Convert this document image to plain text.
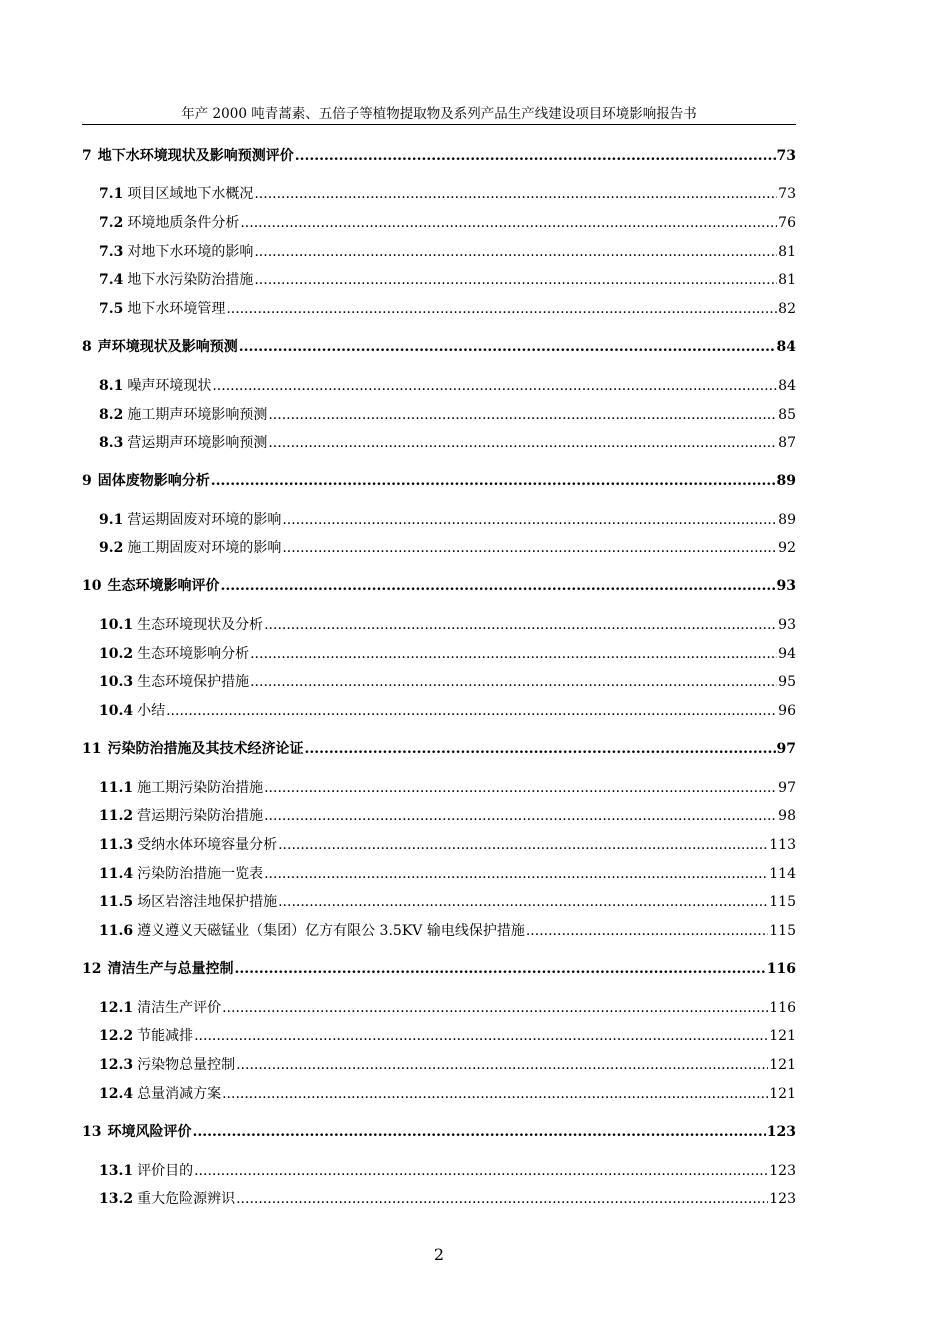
年产 2000 吨青蒿素、五倍子等植物提取物及系列产品生产线建设项目环境影响报告书
7 地下水环境现状及影响预测评价 .....	73
7.1 项目区域地下水概况 .....	73
7.2 环境地质条件分析 .....	76
7.3 对地下水环境的影响 .....	81
7.4 地下水污染防治措施 .....	81
7.5 地下水环境管理 .....	82
8 声环境现状及影响预测 .....	84
8.1 噪声环境现状 .....	84
8.2 施工期声环境影响预测 .....	85
8.3 营运期声环境影响预测 .....	87
9 固体废物影响分析 .....	89
9.1 营运期固废对环境的影响 .....	89
9.2 施工期固废对环境的影响 .....	92
10 生态环境影响评价 .....	93
10.1 生态环境现状及分析 .....	93
10.2 生态环境影响分析 .....	94
10.3 生态环境保护措施 .....	95
10.4 小结 .....	96
11 污染防治措施及其技术经济论证 .....	97
11.1 施工期污染防治措施 .....	97
11.2 营运期污染防治措施 .....	98
11.3 受纳水体环境容量分析 .....	113
11.4 污染防治措施一览表 .....	114
11.5 场区岩溶洼地保护措施 .....	115
11.6 遵义遵义天磁锰业（集团）亿方有限公 3.5KV 输电线保护措施 .....	115
12 清洁生产与总量控制 .....	116
12.1 清洁生产评价 .....	116
12.2 节能减排 .....	121
12.3 污染物总量控制 .....	121
12.4 总量消减方案 .....	121
13 环境风险评价 .....	123
13.1 评价目的 .....	123
13.2 重大危险源辨识 .....	123
2
